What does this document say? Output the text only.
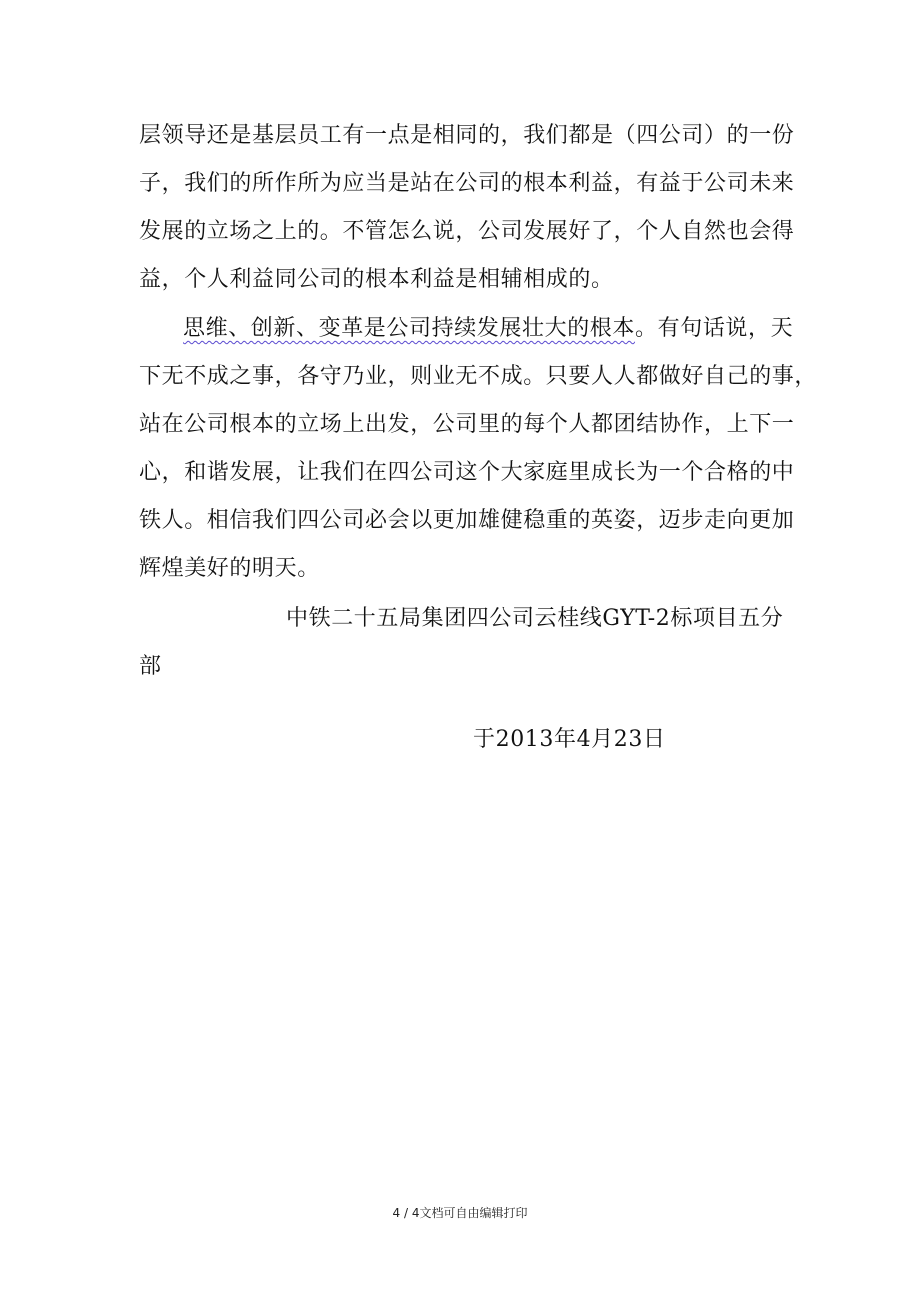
层领导还是基层员工有一点是相同的，我们都是（四公司）的一份
子，我们的所作所为应当是站在公司的根本利益，有益于公司未来
发展的立场之上的。不管怎么说，公司发展好了，个人自然也会得
益，个人利益同公司的根本利益是相辅相成的。
思维、创新、变革是公司持续发展壮大的根本。有句话说，天
下无不成之事，各守乃业，则业无不成。只要人人都做好自己的事，
站在公司根本的立场上出发，公司里的每个人都团结协作，上下一
心，和谐发展，让我们在四公司这个大家庭里成长为一个合格的中
铁人。相信我们四公司必会以更加雄健稳重的英姿，迈步走向更加
辉煌美好的明天。
中铁二十五局集团四公司云桂线GYT-2标项目五分
部
于2013年4月23日
4 / 4文档可自由编辑打印
